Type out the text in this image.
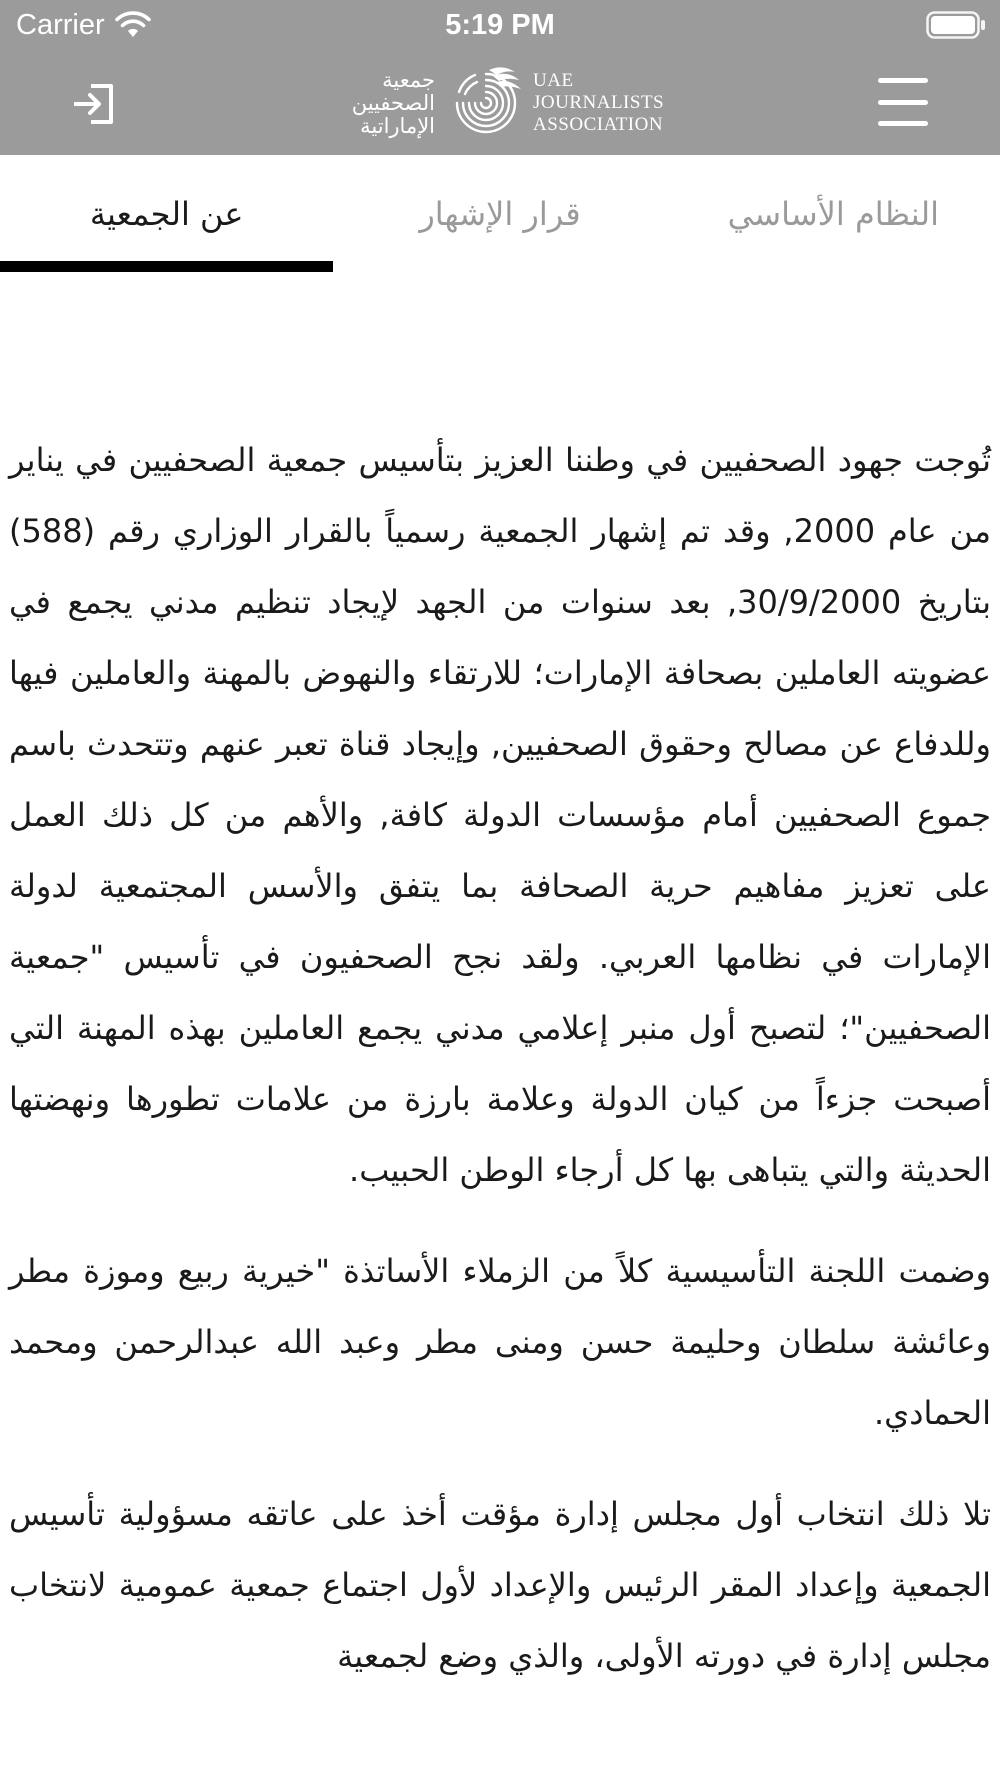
Carrier	5:19 PM
جمعية
الصحفيين
الإماراتية
UAE
JOURNALISTS
ASSOCIATION
عن الجمعية	قرار الإشهار	النظام الأساسي

تُوجت جهود الصحفيين في وطننا العزيز بتأسيس جمعية الصحفيين في يناير من عام 2000, وقد تم إشهار الجمعية رسمياً بالقرار الوزاري رقم (588) بتاريخ 30/9/2000, بعد سنوات من الجهد لإيجاد تنظيم مدني يجمع في عضويته العاملين بصحافة الإمارات؛ للارتقاء والنهوض بالمهنة والعاملين فيها وللدفاع عن مصالح وحقوق الصحفيين, وإيجاد قناة تعبر عنهم وتتحدث باسم جموع الصحفيين أمام مؤسسات الدولة كافة, والأهم من كل ذلك العمل على تعزيز مفاهيم حرية الصحافة بما يتفق والأسس المجتمعية لدولة الإمارات في نظامها العربي. ولقد نجح الصحفيون في تأسيس "جمعية الصحفيين"؛ لتصبح أول منبر إعلامي مدني يجمع العاملين بهذه المهنة التي أصبحت جزءاً من كيان الدولة وعلامة بارزة من علامات تطورها ونهضتها الحديثة والتي يتباهى بها كل أرجاء الوطن الحبيب.

وضمت اللجنة التأسيسية كلاً من الزملاء الأساتذة "خيرية ربيع وموزة مطر وعائشة سلطان وحليمة حسن ومنى مطر وعبد الله عبدالرحمن ومحمد الحمادي.

تلا ذلك انتخاب أول مجلس إدارة مؤقت أخذ على عاتقه مسؤولية تأسيس الجمعية وإعداد المقر الرئيس والإعداد لأول اجتماع جمعية عمومية لانتخاب مجلس إدارة في دورته الأولى، والذي وضع لجمعية
